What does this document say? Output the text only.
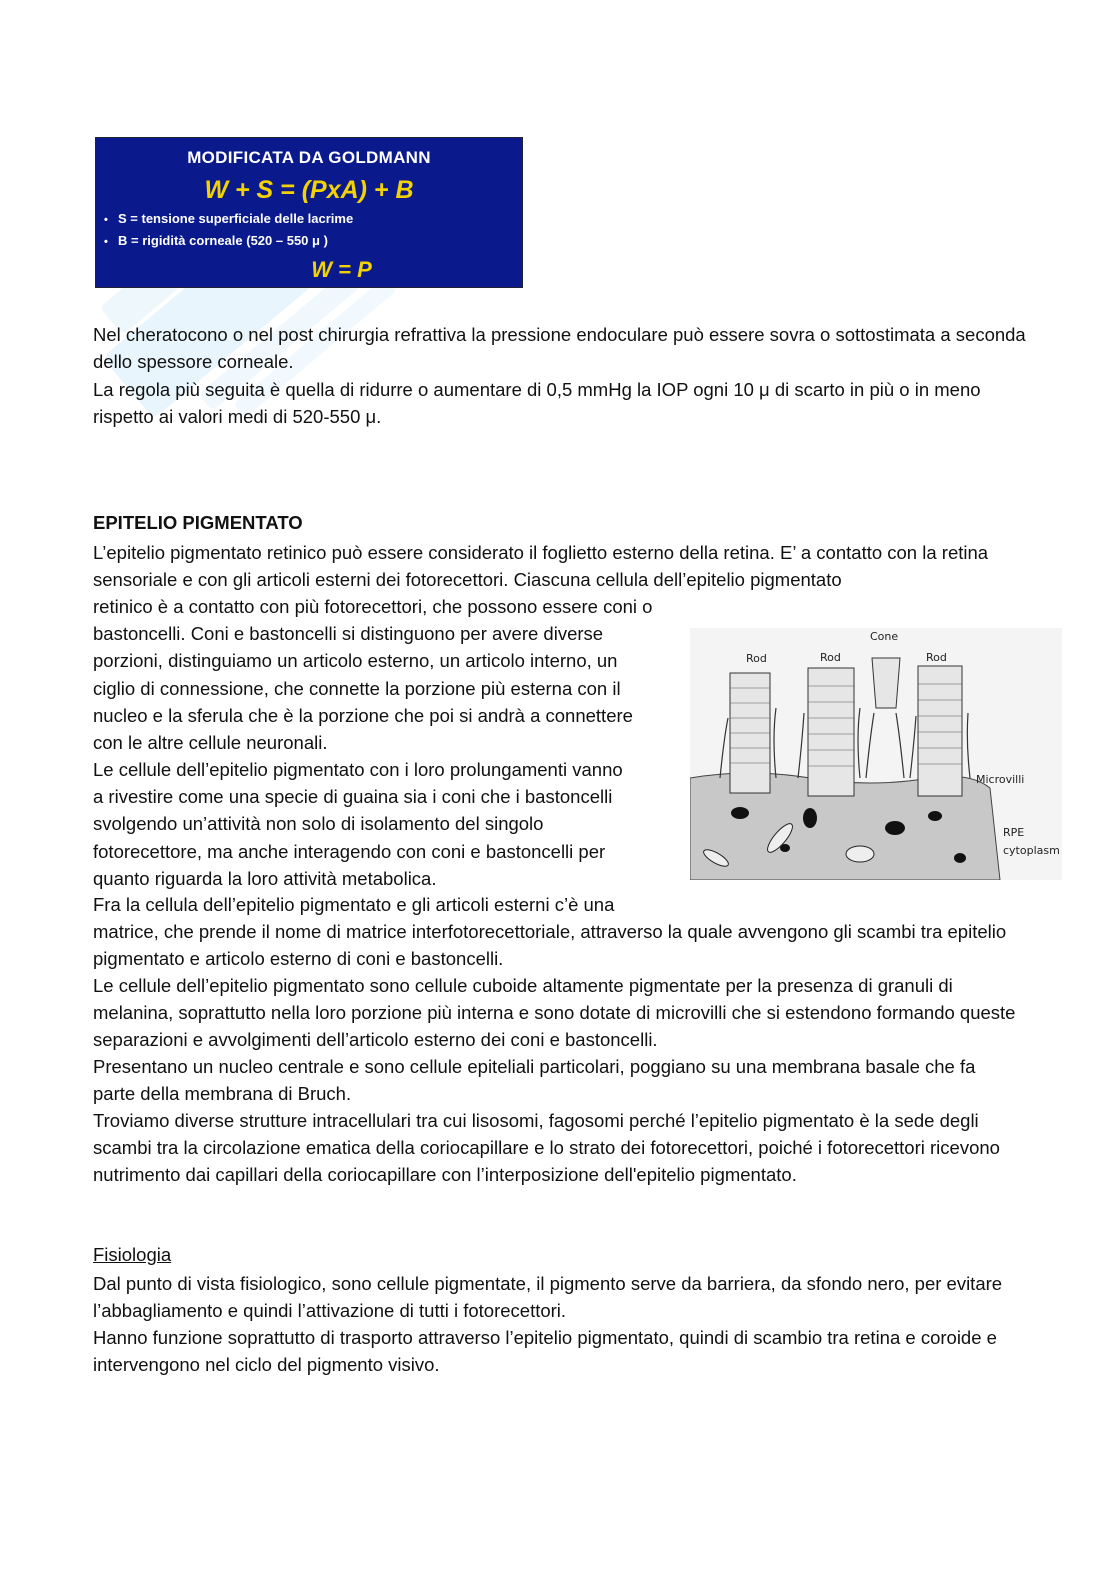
MODIFICATA DA GOLDMANN
W + S = (PxA) + B
• S = tensione superficiale delle lacrime
• B = rigidità corneale (520 – 550 μ )
W = P

Nel cheratocono o nel post chirurgia refrattiva la pressione endoculare può essere sovra o sottostimata a seconda dello spessore corneale.

La regola più seguita è quella di ridurre o aumentare di 0,5 mmHg la IOP ogni 10 μ di scarto in più o in meno rispetto ai valori medi di 520-550 μ.

EPITELIO PIGMENTATO

L’epitelio pigmentato retinico può essere considerato il foglietto esterno della retina. E’ a contatto con la retina sensoriale e con gli articoli esterni dei fotorecettori. Ciascuna cellula dell’epitelio pigmentato

retinico è a contatto con più fotorecettori, che possono essere coni o bastoncelli. Coni e bastoncelli si distinguono per avere diverse porzioni, distinguiamo un articolo esterno, un articolo interno, un ciglio di connessione, che connette la porzione più esterna con il nucleo e la sferula che è la porzione che poi si andrà a connettere con le altre cellule neuronali.

Le cellule dell’epitelio pigmentato con i loro prolungamenti vanno a rivestire come una specie di guaina sia i coni che i bastoncelli svolgendo un’attività non solo di isolamento del singolo fotorecettore, ma anche interagendo con coni e bastoncelli per quanto riguarda la loro attività metabolica.

Fra la cellula dell’epitelio pigmentato e gli articoli esterni c’è una

matrice, che prende il nome di matrice interfotorecettoriale, attraverso la quale avvengono gli scambi tra epitelio pigmentato e articolo esterno di coni e bastoncelli.

Le cellule dell’epitelio pigmentato sono cellule cuboide altamente pigmentate per la presenza di granuli di melanina, soprattutto nella loro porzione più interna e sono dotate di microvilli che si estendono formando queste separazioni e avvolgimenti dell’articolo esterno dei coni e bastoncelli.

Presentano un nucleo centrale e sono cellule epiteliali particolari, poggiano su una membrana basale che fa parte della membrana di Bruch.

Troviamo diverse strutture intracellulari tra cui lisosomi, fagosomi perché l’epitelio pigmentato è la sede degli scambi tra la circolazione ematica della coriocapillare e lo strato dei fotorecettori, poiché i fotorecettori ricevono nutrimento dai capillari della coriocapillare con l’interposizione dell'epitelio pigmentato.

Rod	Rod
Cone
Rod
Microvilli
RPE
cytoplasm
Fisiologia

Dal punto di vista fisiologico, sono cellule pigmentate, il pigmento serve da barriera, da sfondo nero, per evitare l’abbagliamento e quindi l’attivazione di tutti i fotorecettori.

Hanno funzione soprattutto di trasporto attraverso l’epitelio pigmentato, quindi di scambio tra retina e coroide e intervengono nel ciclo del pigmento visivo.
